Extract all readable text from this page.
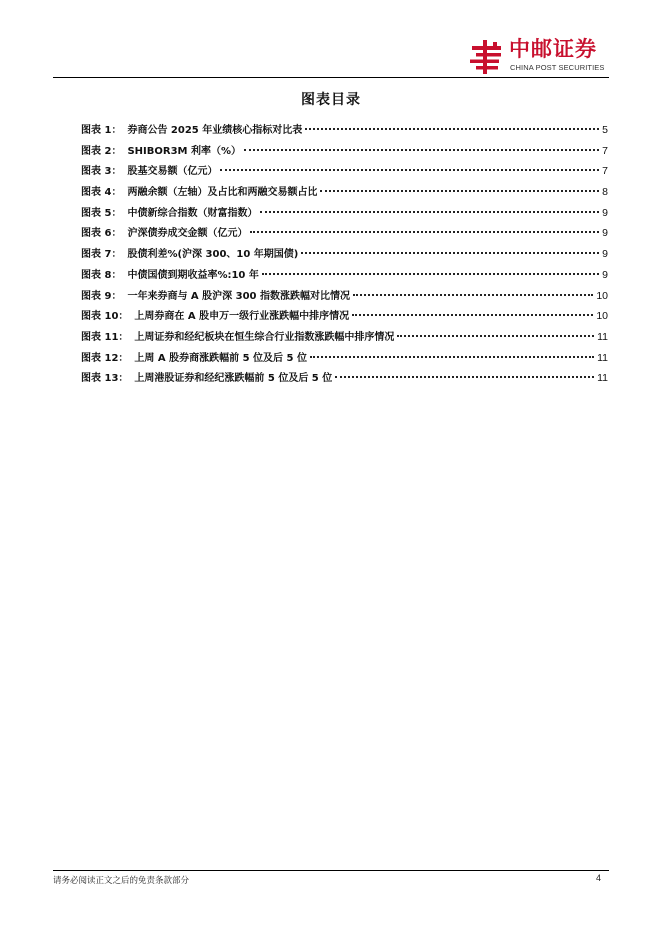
中邮证券
CHINA POST SECURITIES
图表目录
图表 1： 券商公告 2025 年业绩核心指标对比表	5
图表 2： SHIBOR3M 利率（%）	7
图表 3： 股基交易额（亿元）	7
图表 4： 两融余额（左轴）及占比和两融交易额占比	8
图表 5： 中债新综合指数（财富指数）	9
图表 6： 沪深债券成交金额（亿元）	9
图表 7： 股债利差%(沪深 300、10 年期国债)	9
图表 8： 中债国债到期收益率%:10 年	9
图表 9： 一年来券商与 A 股沪深 300 指数涨跌幅对比情况	10
图表 10： 上周券商在 A 股申万一级行业涨跌幅中排序情况	10
图表 11： 上周证券和经纪板块在恒生综合行业指数涨跌幅中排序情况	11
图表 12： 上周 A 股券商涨跌幅前 5 位及后 5 位	11
图表 13： 上周港股证券和经纪涨跌幅前 5 位及后 5 位	11
请务必阅读正文之后的免责条款部分	4
